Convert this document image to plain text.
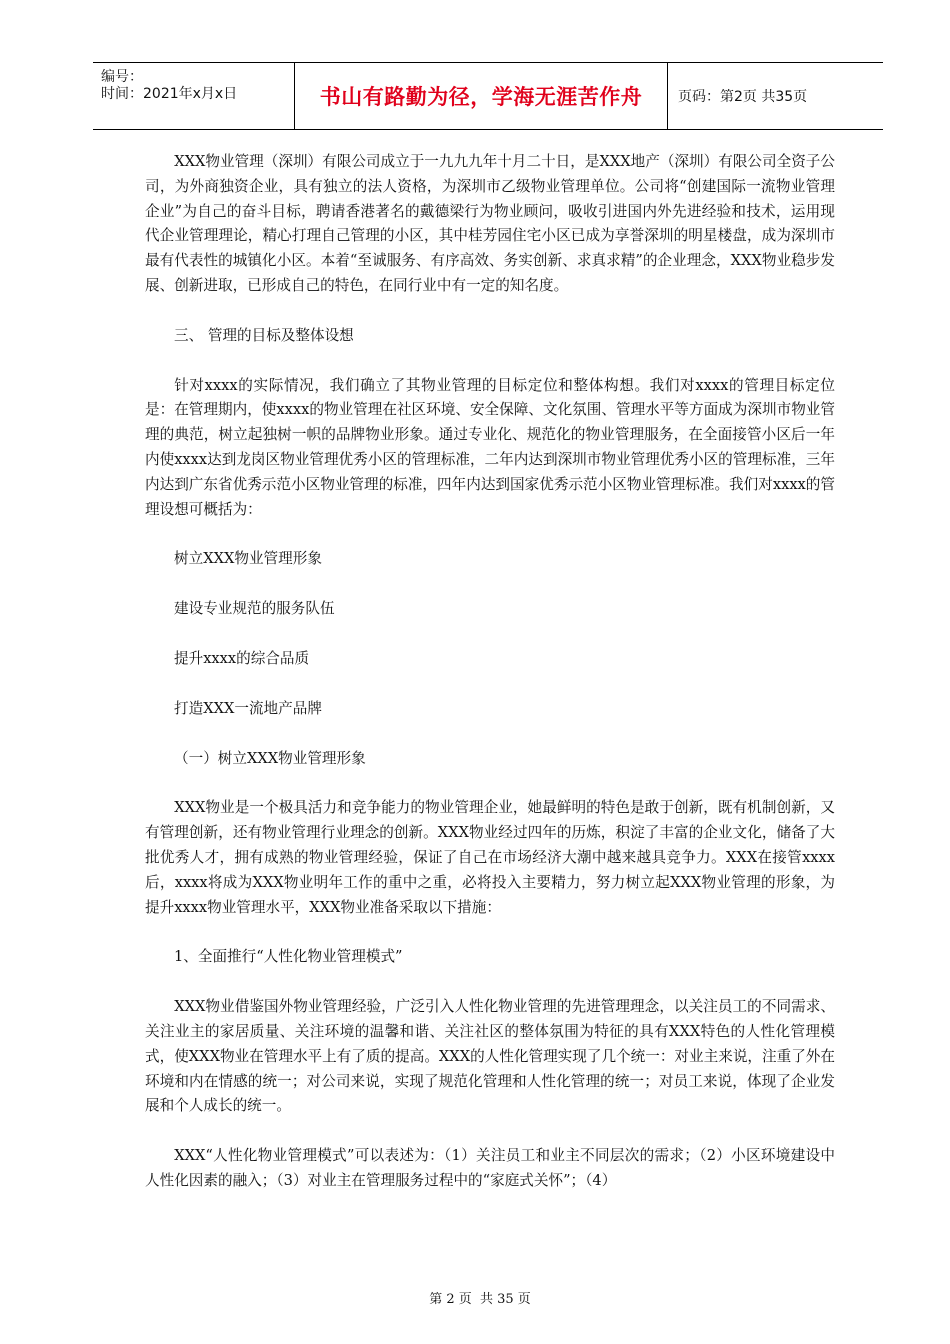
编号：
时间：2021年x月x日	书山有路勤为径，学海无涯苦作舟	页码：第2页 共35页

XXX物业管理（深圳）有限公司成立于一九九九年十月二十日，是XXX地产（深圳）有限公司全资子公司，为外商独资企业，具有独立的法人资格，为深圳市乙级物业管理单位。公司将“创建国际一流物业管理企业”为自己的奋斗目标，聘请香港著名的戴德梁行为物业顾问，吸收引进国内外先进经验和技术，运用现代企业管理理论，精心打理自己管理的小区，其中桂芳园住宅小区已成为享誉深圳的明星楼盘，成为深圳市最有代表性的城镇化小区。本着“至诚服务、有序高效、务实创新、求真求精”的企业理念，XXX物业稳步发展、创新进取，已形成自己的特色，在同行业中有一定的知名度。

三、 管理的目标及整体设想

针对xxxx的实际情况，我们确立了其物业管理的目标定位和整体构想。我们对xxxx的管理目标定位是：在管理期内，使xxxx的物业管理在社区环境、安全保障、文化氛围、管理水平等方面成为深圳市物业管理的典范，树立起独树一帜的品牌物业形象。通过专业化、规范化的物业管理服务，在全面接管小区后一年内使xxxx达到龙岗区物业管理优秀小区的管理标准，二年内达到深圳市物业管理优秀小区的管理标准，三年内达到广东省优秀示范小区物业管理的标准，四年内达到国家优秀示范小区物业管理标准。我们对xxxx的管理设想可概括为：

树立XXX物业管理形象

建设专业规范的服务队伍

提升xxxx的综合品质

打造XXX一流地产品牌

（一）树立XXX物业管理形象

XXX物业是一个极具活力和竞争能力的物业管理企业，她最鲜明的特色是敢于创新，既有机制创新，又有管理创新，还有物业管理行业理念的创新。XXX物业经过四年的历炼，积淀了丰富的企业文化，储备了大批优秀人才，拥有成熟的物业管理经验，保证了自己在市场经济大潮中越来越具竞争力。XXX在接管xxxx后，xxxx将成为XXX物业明年工作的重中之重，必将投入主要精力，努力树立起XXX物业管理的形象，为提升xxxx物业管理水平，XXX物业准备采取以下措施：

1、全面推行“人性化物业管理模式”

XXX物业借鉴国外物业管理经验，广泛引入人性化物业管理的先进管理理念，以关注员工的不同需求、关注业主的家居质量、关注环境的温馨和谐、关注社区的整体氛围为特征的具有XXX特色的人性化管理模式，使XXX物业在管理水平上有了质的提高。XXX的人性化管理实现了几个统一：对业主来说，注重了外在环境和内在情感的统一；对公司来说，实现了规范化管理和人性化管理的统一；对员工来说，体现了企业发展和个人成长的统一。

XXX“人性化物业管理模式”可以表述为：（1）关注员工和业主不同层次的需求；（2）小区环境建设中人性化因素的融入；（3）对业主在管理服务过程中的“家庭式关怀”；（4）

第 2 页  共 35 页
